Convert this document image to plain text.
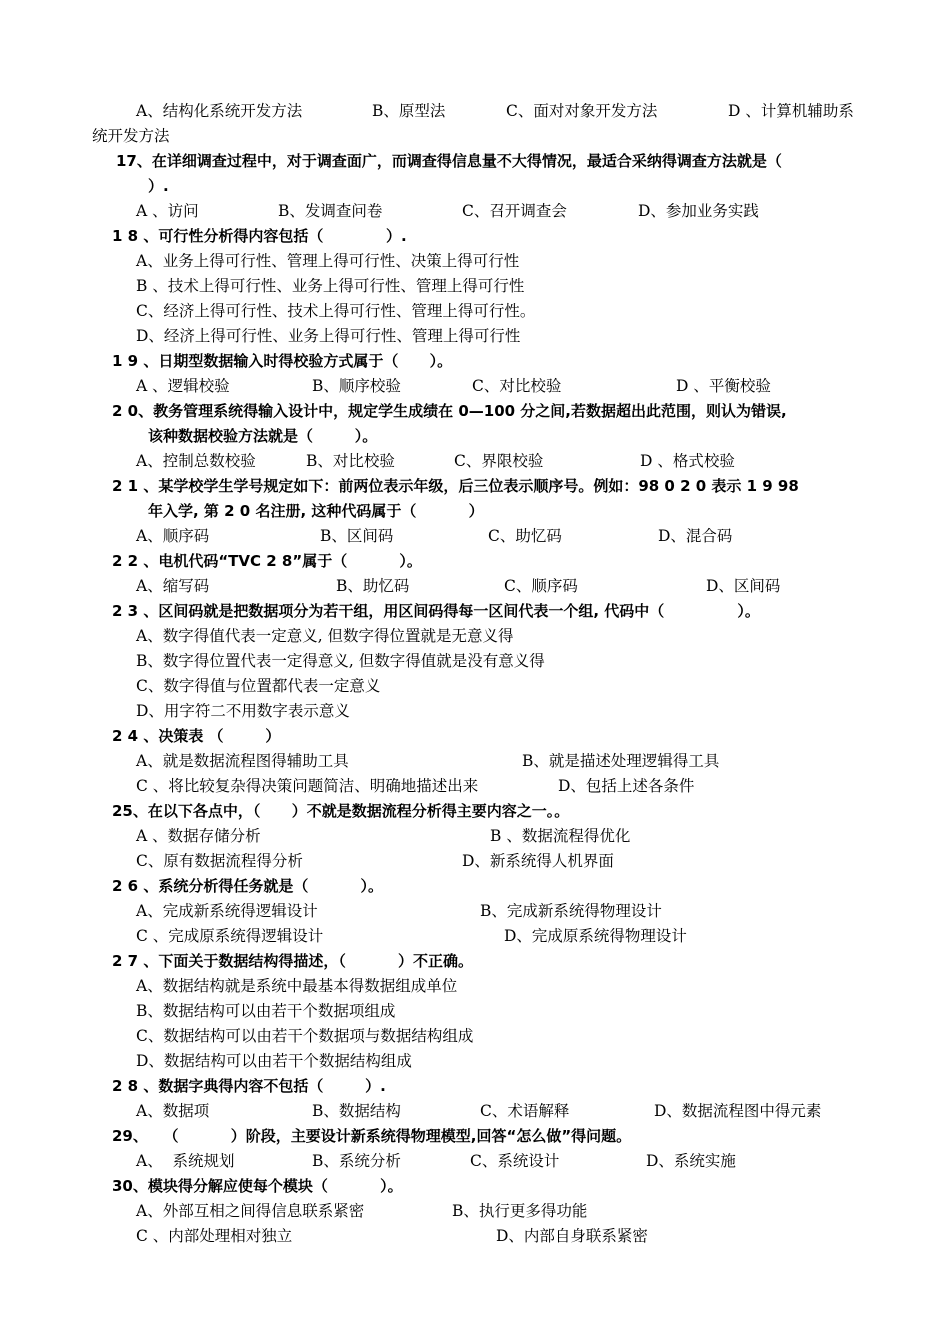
A、结构化系统开发方法	B、原型法	C、面对对象开发方法	D 、计算机辅助系
统开发方法
17、在详细调查过程中，对于调查面广，而调查得信息量不大得情况，最适合采纳得调查方法就是（
）.
A 、访问	B、发调查问卷	C、召开调查会	D、参加业务实践
1 8 、可行性分析得内容包括（            ）.
A、业务上得可行性、管理上得可行性、决策上得可行性
B 、技术上得可行性、业务上得可行性、管理上得可行性
C、经济上得可行性、技术上得可行性、管理上得可行性。
D、经济上得可行性、业务上得可行性、管理上得可行性
1 9 、日期型数据输入时得校验方式属于（      ）。
A 、逻辑校验	B、顺序校验	C、对比校验	D 、平衡校验
2 0、教务管理系统得输入设计中，规定学生成绩在 0—100 分之间,若数据超出此范围，则认为错误,
该种数据校验方法就是（        ）。
A、控制总数校验	B、对比校验	C、界限校验	D 、格式校验
2 1 、某学校学生学号规定如下：前两位表示年级，后三位表示顺序号。例如：98 0 2 0 表示 1 9 98
年入学, 第 2 0 名注册, 这种代码属于（          ）
A、顺序码	B、区间码	C、助忆码	D、混合码
2 2 、电机代码“TVC 2 8”属于（          ）。
A、缩写码	B、助忆码	C、顺序码	D、区间码
2 3 、区间码就是把数据项分为若干组，用区间码得每一区间代表一个组, 代码中（              ）。
A、数字得值代表一定意义, 但数字得位置就是无意义得
B、数字得位置代表一定得意义, 但数字得值就是没有意义得
C、数字得值与位置都代表一定意义
D、用字符二不用数字表示意义
2 4 、决策表 （        ）
A、就是数据流程图得辅助工具	B、就是描述处理逻辑得工具
C 、将比较复杂得决策问题简洁、明确地描述出来	D、包括上述各条件
25、在以下各点中，（      ）不就是数据流程分析得主要内容之一。。
A 、数据存储分析	B 、数据流程得优化
C、原有数据流程得分析	D、新系统得人机界面
2 6 、系统分析得任务就是（          ）。
A、完成新系统得逻辑设计	B、完成新系统得物理设计
C 、完成原系统得逻辑设计	D、完成原系统得物理设计
2 7 、下面关于数据结构得描述，（          ）不正确。
A、数据结构就是系统中最基本得数据组成单位
B、数据结构可以由若干个数据项组成
C、数据结构可以由若干个数据项与数据结构组成
D、数据结构可以由若干个数据结构组成
2 8 、数据字典得内容不包括（        ）.
A、数据项	B、数据结构	C、术语解释	D、数据流程图中得元素
29、   （          ）阶段，主要设计新系统得物理模型,回答“怎么做”得问题。
A、  系统规划	B、系统分析	C、系统设计	D、系统实施
30、模块得分解应使每个模块（          ）。
A、外部互相之间得信息联系紧密	B、执行更多得功能
C 、内部处理相对独立	D、内部自身联系紧密
